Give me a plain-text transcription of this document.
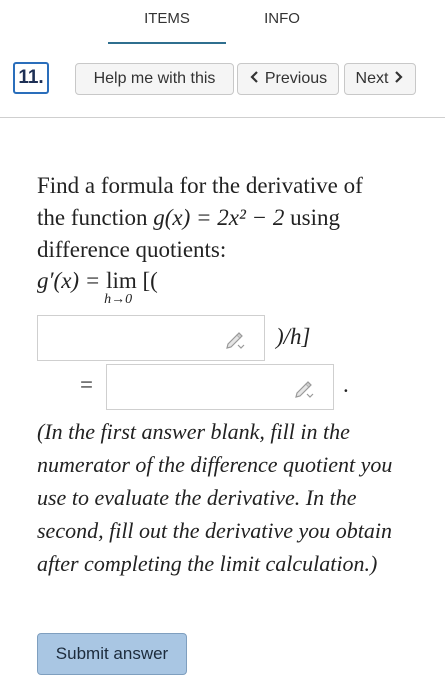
ITEMS	INFO
11.	Help me with this	Previous Next
Find a formula for the derivative of
the function g(x) = 2x² − 2 using
difference quotients:
g′(x) = lim
h→0
[(
)/h]
=	.
(In the first answer blank, fill in the
numerator of the difference quotient you
use to evaluate the derivative. In the
second, fill out the derivative you obtain
after completing the limit calculation.)
Submit answer
